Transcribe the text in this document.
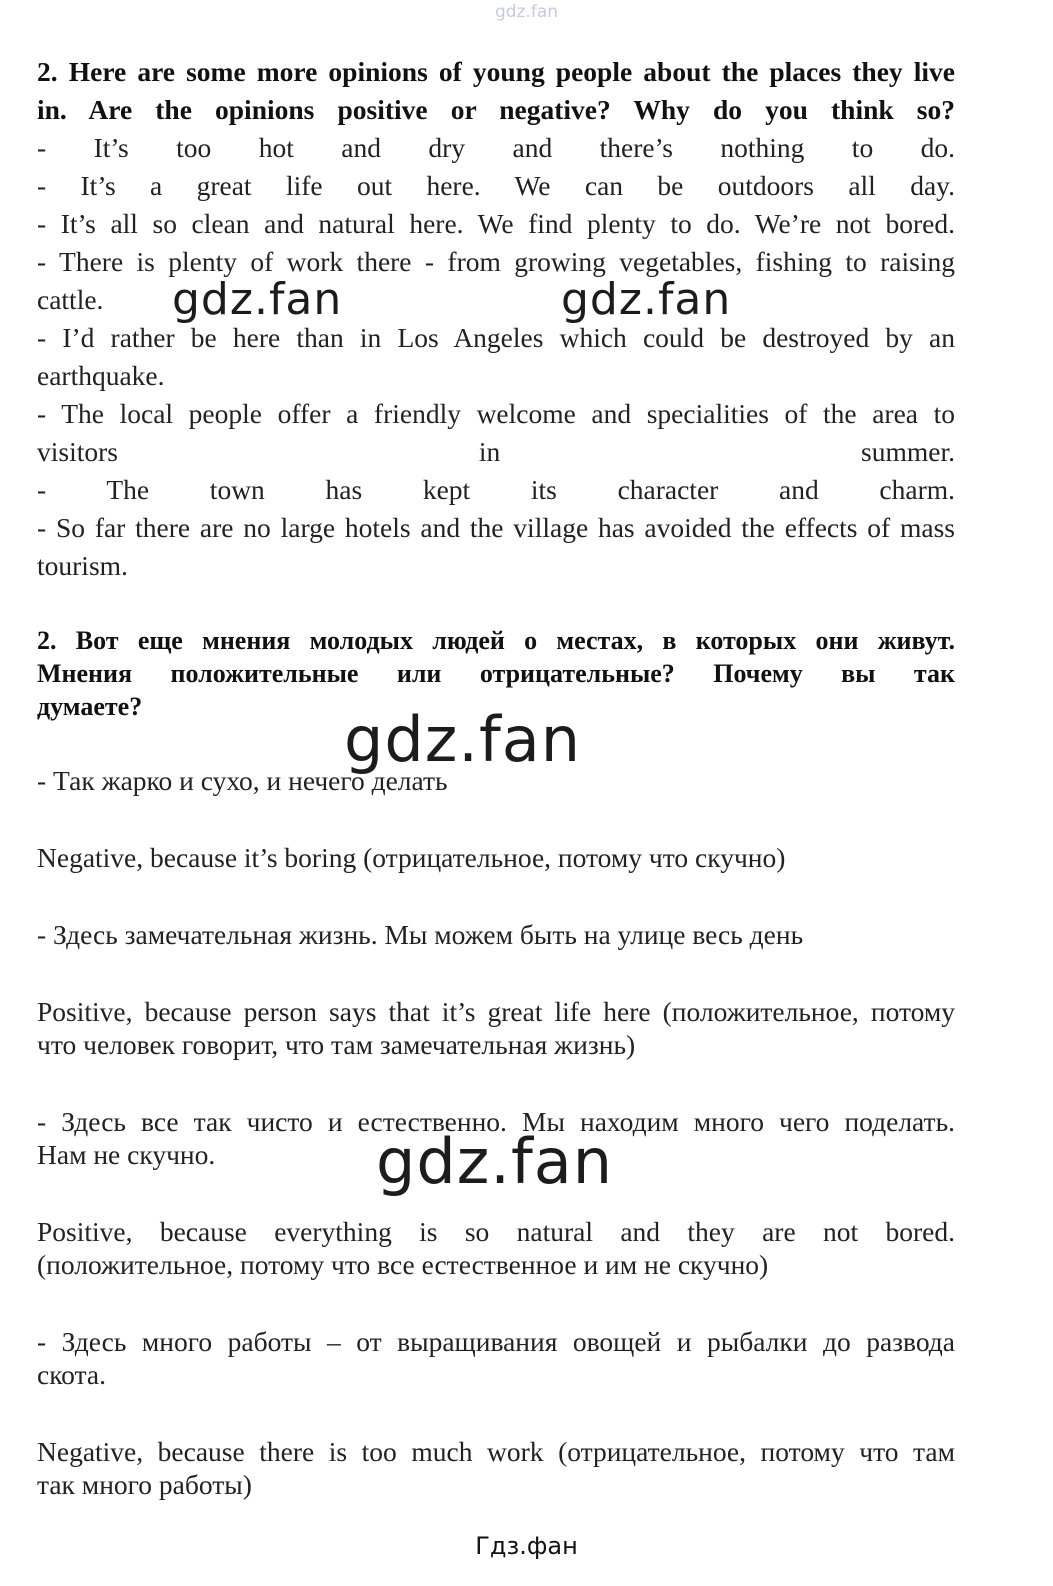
gdz.fan
2. Here are some more opinions of young people about the places they live
in. Are the opinions positive or negative? Why do you think so?
- It’s too hot and dry and there’s nothing to do.
- It’s a great life out here. We can be outdoors all day.
- It’s all so clean and natural here. We find plenty to do. We’re not bored.
- There is plenty of work there - from growing vegetables, fishing to raising
cattle.
- I’d rather be here than in Los Angeles which could be destroyed by an
earthquake.
- The local people offer a friendly welcome and specialities of the area to
visitors in summer.
- The town has kept its character and charm.
- So far there are no large hotels and the village has avoided the effects of mass
tourism.
2. Вот еще мнения молодых людей о местах, в которых они живут.
Мнения положительные или отрицательные? Почему вы так
думаете?
- Так жарко и сухо, и нечего делать
Negative, because it’s boring (отрицательное, потому что скучно)
- Здесь замечательная жизнь. Мы можем быть на улице весь день
Positive, because person says that it’s great life here (положительное, потому
что человек говорит, что там замечательная жизнь)
- Здесь все так чисто и естественно. Мы находим много чего поделать.
Нам не скучно.
Positive, because everything is so natural and they are not bored.
(положительное, потому что все естественное и им не скучно)
- Здесь много работы – от выращивания овощей и рыбалки до развода
скота.
Negative, because there is too much work (отрицательное, потому что там
так много работы)
gdz.fan	gdz.fan
gdz.fan
gdz.fan
Гдз.фан
